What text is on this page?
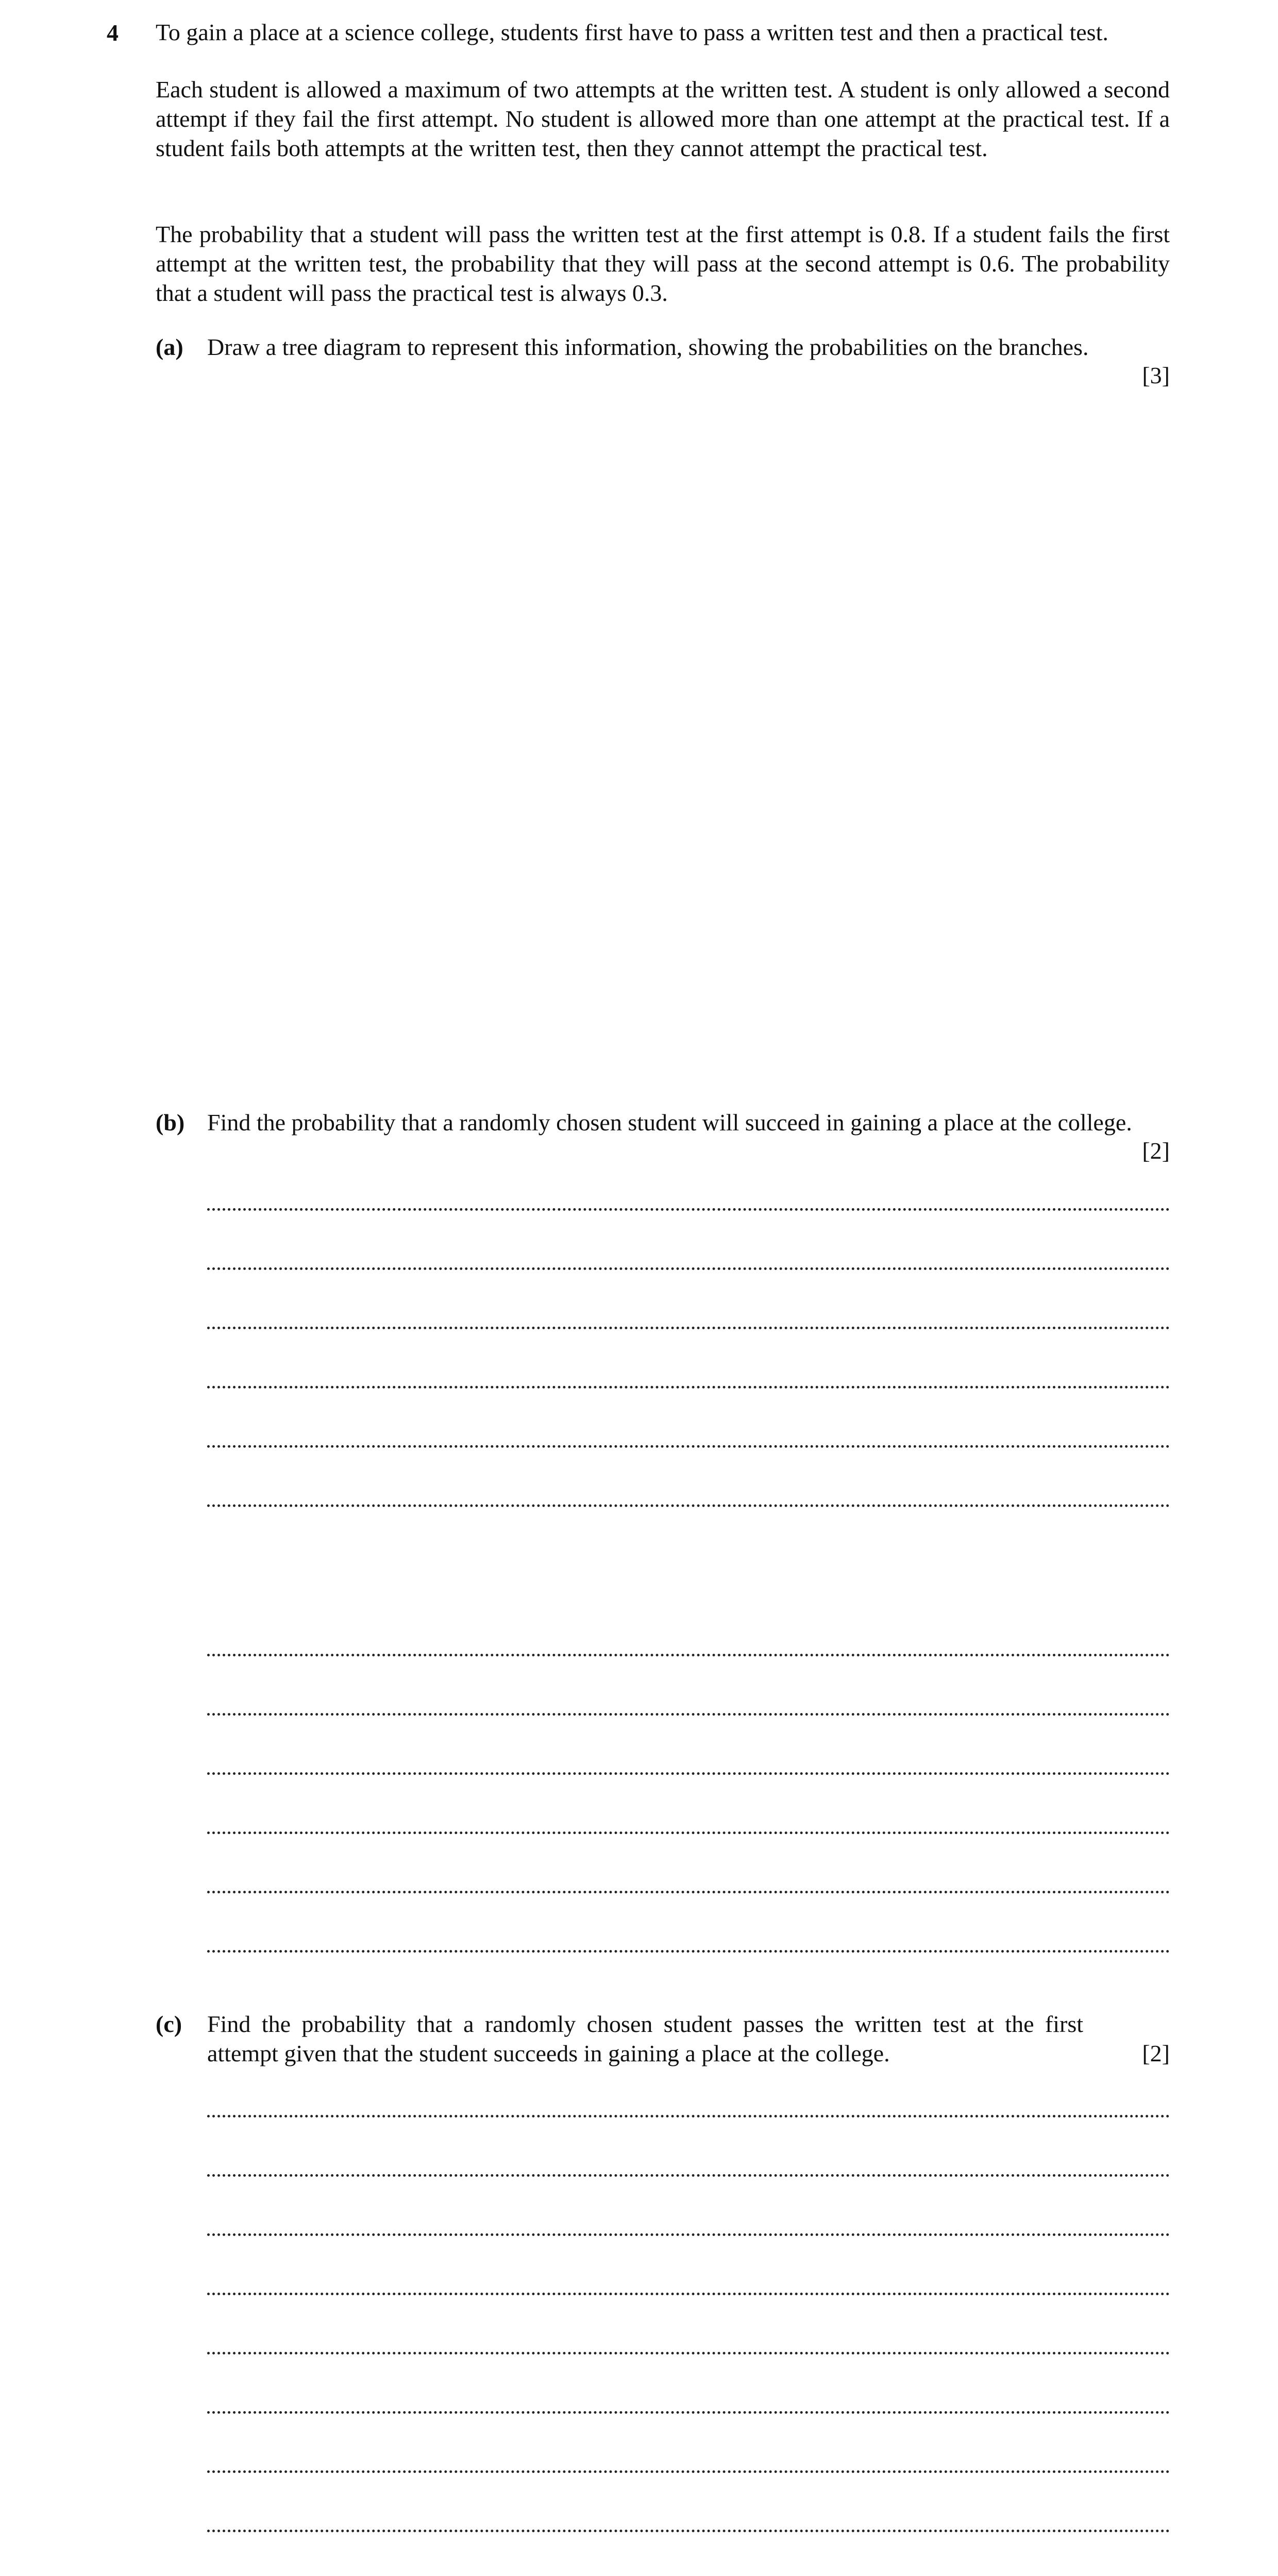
4 To gain a place at a science college, students first have to pass a written test and then a practical test.

Each student is allowed a maximum of two attempts at the written test. A student is only allowed a second attempt if they fail the first attempt. No student is allowed more than one attempt at the practical test. If a student fails both attempts at the written test, then they cannot attempt the practical test.

The probability that a student will pass the written test at the first attempt is 0.8. If a student fails the first attempt at the written test, the probability that they will pass at the second attempt is 0.6. The probability that a student will pass the practical test is always 0.3.

(a) Draw a tree diagram to represent this information, showing the probabilities on the branches.

[3]
(b) Find the probability that a randomly chosen student will succeed in gaining a place at the college.

[2]
(c) Find the probability that a randomly chosen student passes the written test at the first attempt given that the student succeeds in gaining a place at the college.	[2]
